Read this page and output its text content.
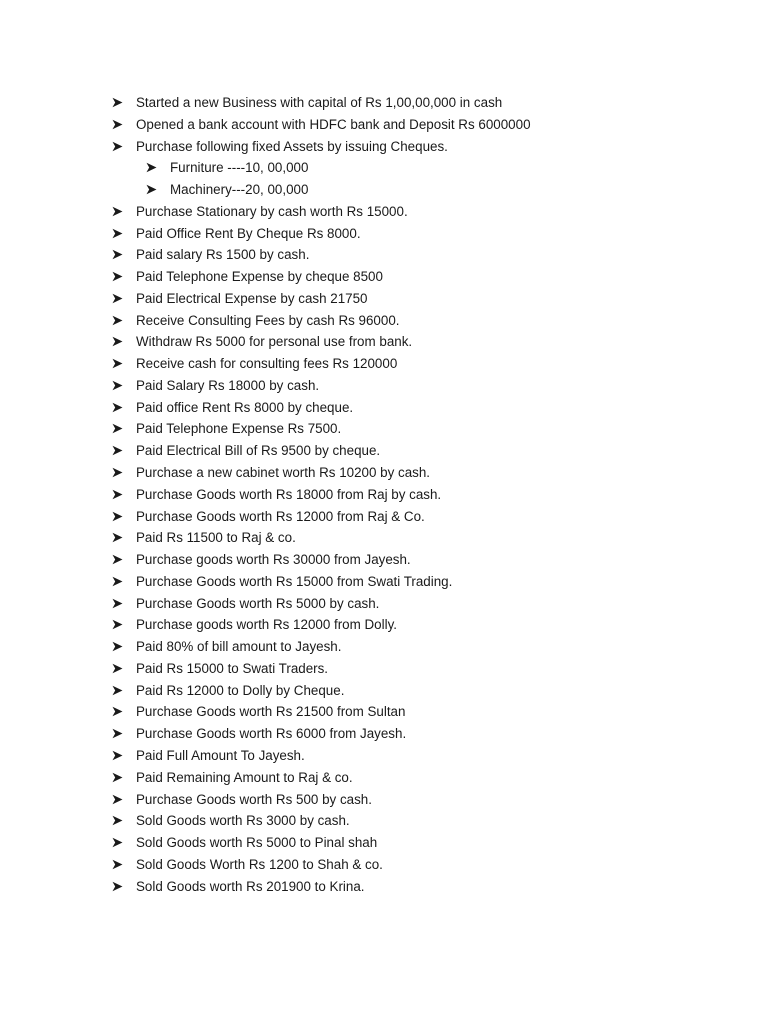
Started a new Business with capital of Rs 1,00,00,000 in cash
Opened a bank account with HDFC bank and Deposit Rs 6000000
Purchase following fixed Assets by issuing Cheques.
Furniture ----10, 00,000
Machinery---20, 00,000
Purchase Stationary by cash worth Rs 15000.
Paid Office Rent By Cheque Rs 8000.
Paid salary Rs 1500 by cash.
Paid Telephone Expense by cheque 8500
Paid Electrical Expense by cash 21750
Receive Consulting Fees by cash Rs 96000.
Withdraw Rs 5000 for personal use from bank.
Receive cash for consulting fees Rs 120000
Paid Salary Rs 18000 by cash.
Paid office Rent Rs 8000 by cheque.
Paid Telephone Expense Rs 7500.
Paid Electrical Bill of Rs 9500 by cheque.
Purchase a new cabinet worth Rs 10200 by cash.
Purchase Goods worth Rs 18000 from Raj by cash.
Purchase Goods worth Rs 12000 from Raj & Co.
Paid Rs 11500 to Raj & co.
Purchase goods worth Rs 30000 from Jayesh.
Purchase Goods worth Rs 15000 from Swati Trading.
Purchase Goods worth Rs 5000 by cash.
Purchase goods worth Rs 12000 from Dolly.
Paid 80% of bill amount to Jayesh.
Paid Rs 15000 to Swati Traders.
Paid Rs 12000 to Dolly by Cheque.
Purchase Goods worth Rs 21500 from Sultan
Purchase Goods worth Rs 6000 from Jayesh.
Paid Full Amount To Jayesh.
Paid Remaining Amount to Raj & co.
Purchase Goods worth Rs 500 by cash.
Sold Goods worth Rs 3000 by cash.
Sold Goods worth Rs 5000 to Pinal shah
Sold Goods Worth Rs 1200 to Shah & co.
Sold Goods worth Rs 201900 to Krina.
